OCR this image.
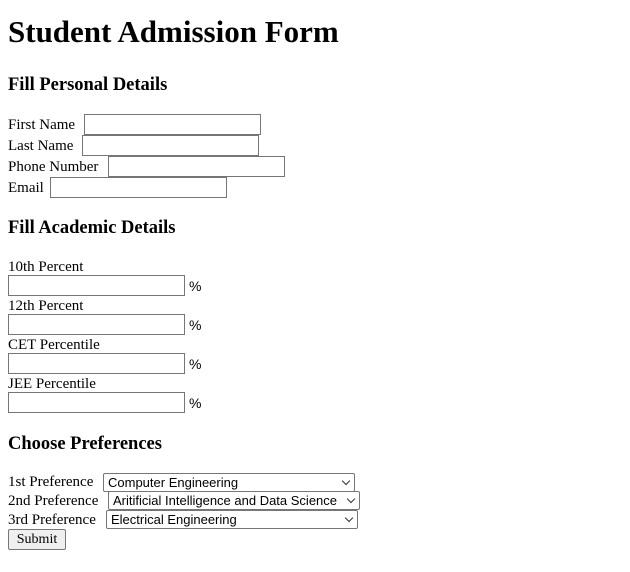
Student Admission Form
Fill Personal Details
First Name
Last Name
Phone Number
Email
Fill Academic Details
10th Percent
%
12th Percent
%
CET Percentile
%
JEE Percentile
%
Choose Preferences
1st Preference	Computer Engineering
2nd Preference	Aritificial Intelligence and Data Science
3rd Preference	Electrical Engineering
Submit
